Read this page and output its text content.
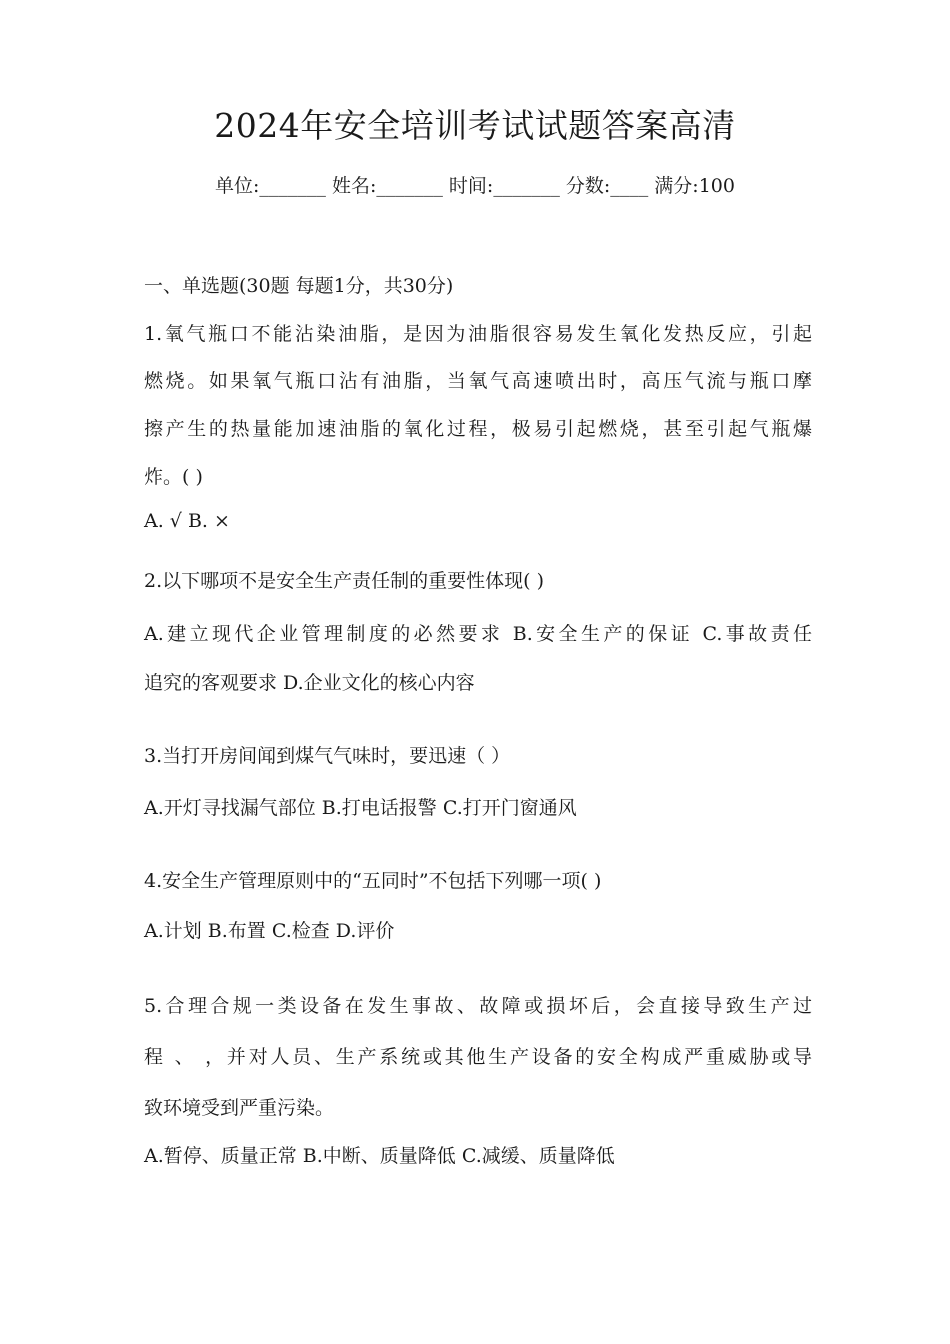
2024年安全培训考试试题答案高清
单位:_______ 姓名:_______ 时间:_______ 分数:____ 满分:100
一、单选题(30题 每题1分，共30分)
1.氧气瓶口不能沾染油脂，是因为油脂很容易发生氧化发热反应，引起
燃烧。如果氧气瓶口沾有油脂，当氧气高速喷出时，高压气流与瓶口摩
擦产生的热量能加速油脂的氧化过程，极易引起燃烧，甚至引起气瓶爆
炸。( )
A. √ B. ×
2.以下哪项不是安全生产责任制的重要性体现( )
A.建立现代企业管理制度的必然要求 B.安全生产的保证 C.事故责任
追究的客观要求 D.企业文化的核心内容
3.当打开房间闻到煤气气味时，要迅速（ ）
A.开灯寻找漏气部位 B.打电话报警 C.打开门窗通风
4.安全生产管理原则中的“五同时”不包括下列哪一项( )
A.计划 B.布置 C.检查 D.评价
5.合理合规一类设备在发生事故、故障或损坏后，会直接导致生产过
程 、 ，并对人员、生产系统或其他生产设备的安全构成严重威胁或导
致环境受到严重污染。
A.暂停、质量正常 B.中断、质量降低 C.减缓、质量降低
